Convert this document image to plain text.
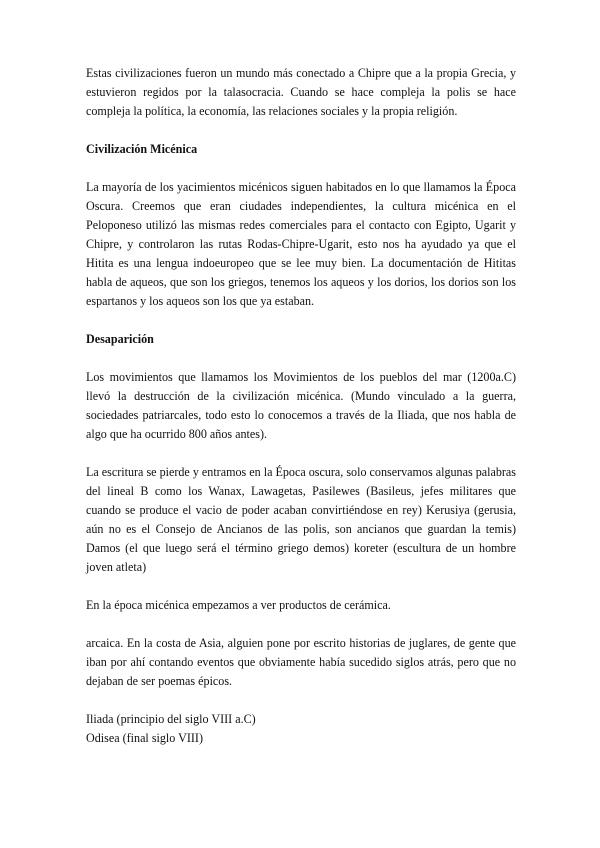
Estas civilizaciones fueron un mundo más conectado a Chipre que a la propia Grecia, y estuvieron regidos por la talasocracia. Cuando se hace compleja la polis se hace compleja la política, la economía, las relaciones sociales y la propia religión.

Civilización Micénica

La mayoría de los yacimientos micénicos siguen habitados en lo que llamamos la Época Oscura. Creemos que eran ciudades independientes, la cultura micénica en el Peloponeso utilizó las mismas redes comerciales para el contacto con Egipto, Ugarit y Chipre, y controlaron las rutas Rodas-Chipre-Ugarit, esto nos ha ayudado ya que el Hitita es una lengua indoeuropeo que se lee muy bien. La documentación de Hititas habla de aqueos, que son los griegos, tenemos los aqueos y los dorios, los dorios son los espartanos y los aqueos son los que ya estaban.

Desaparición

Los movimientos que llamamos los Movimientos de los pueblos del mar (1200a.C) llevó la destrucción de la civilización micénica. (Mundo vinculado a la guerra, sociedades patriarcales, todo esto lo conocemos a través de la Iliada, que nos habla de algo que ha ocurrido 800 años antes).

La escritura se pierde y entramos en la Época oscura, solo conservamos algunas palabras del lineal B como los Wanax, Lawagetas, Pasilewes (Basileus, jefes militares que cuando se produce el vacio de poder acaban convirtiéndose en rey) Kerusiya (gerusia, aún no es el Consejo de Ancianos de las polis, son ancianos que guardan la temis) Damos (el que luego será el término griego demos) koreter (escultura de un hombre joven atleta)

En la época micénica empezamos a ver productos de cerámica.

arcaica. En la costa de Asia, alguien pone por escrito historias de juglares, de gente que iban por ahí contando eventos que obviamente había sucedido siglos atrás, pero que no dejaban de ser poemas épicos.

Iliada (principio del siglo VIII a.C)

Odisea (final siglo VIII)
